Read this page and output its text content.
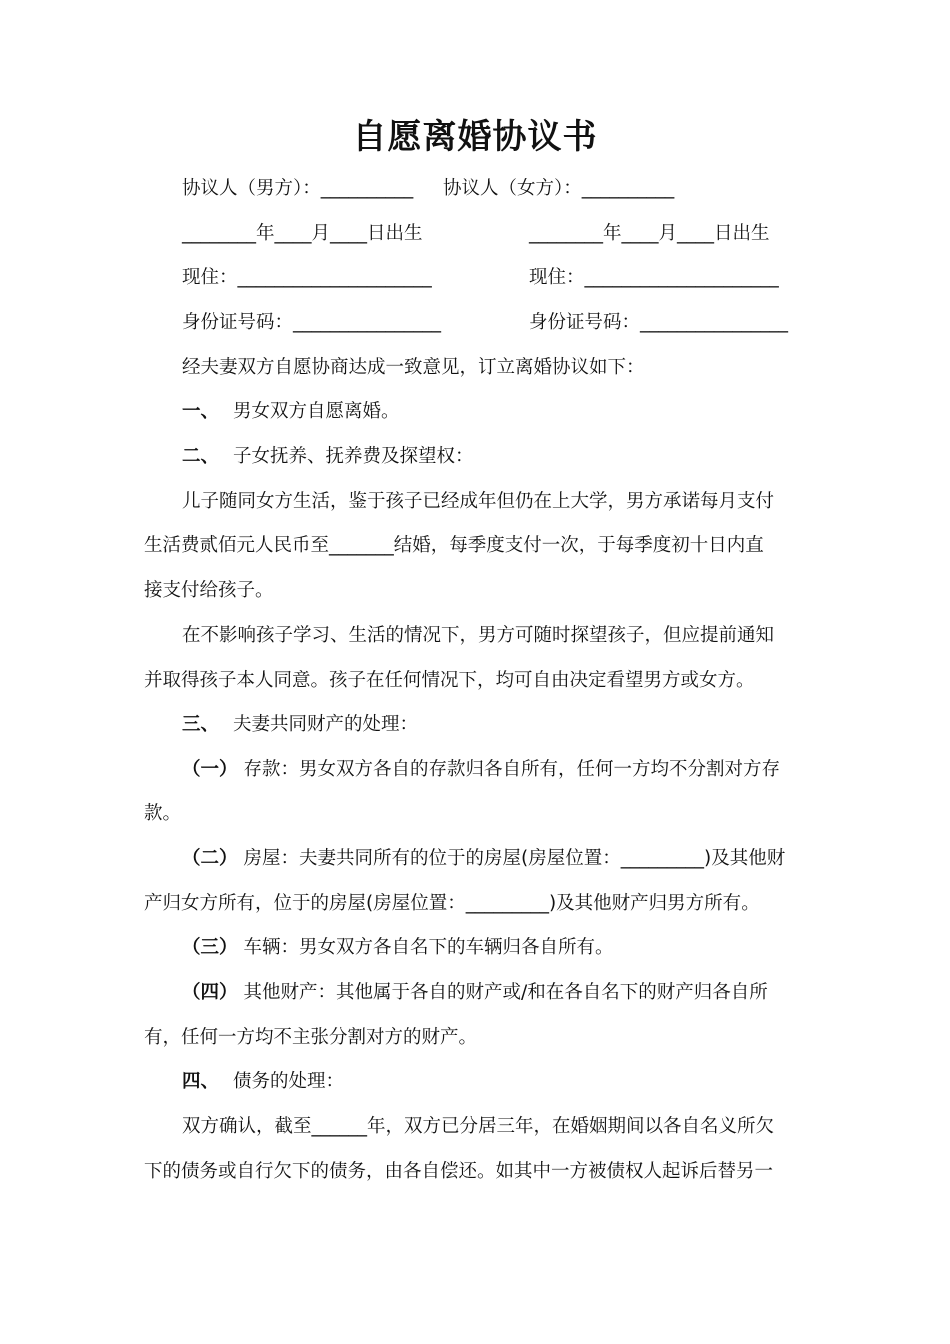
自愿离婚协议书
协议人（男方）：__________ 协议人（女方）：__________
________年____月____日出生	________年____月____日出生
现住：_____________________	现住：_____________________
身份证号码：________________	身份证号码：________________
经夫妻双方自愿协商达成一致意见，订立离婚协议如下：
一、 男女双方自愿离婚。
二、 子女抚养、抚养费及探望权：
儿子随同女方生活，鉴于孩子已经成年但仍在上大学，男方承诺每月支付
生活费贰佰元人民币至_______结婚，每季度支付一次，于每季度初十日内直
接支付给孩子。
在不影响孩子学习、生活的情况下，男方可随时探望孩子，但应提前通知
并取得孩子本人同意。孩子在任何情况下，均可自由决定看望男方或女方。
三、 夫妻共同财产的处理：
（一） 存款：男女双方各自的存款归各自所有，任何一方均不分割对方存
款。
（二） 房屋：夫妻共同所有的位于的房屋(房屋位置：_________)及其他财
产归女方所有，位于的房屋(房屋位置：_________)及其他财产归男方所有。
（三） 车辆：男女双方各自名下的车辆归各自所有。
（四） 其他财产：其他属于各自的财产或/和在各自名下的财产归各自所
有，任何一方均不主张分割对方的财产。
四、 债务的处理：
双方确认，截至______年，双方已分居三年，在婚姻期间以各自名义所欠
下的债务或自行欠下的债务，由各自偿还。如其中一方被债权人起诉后替另一
